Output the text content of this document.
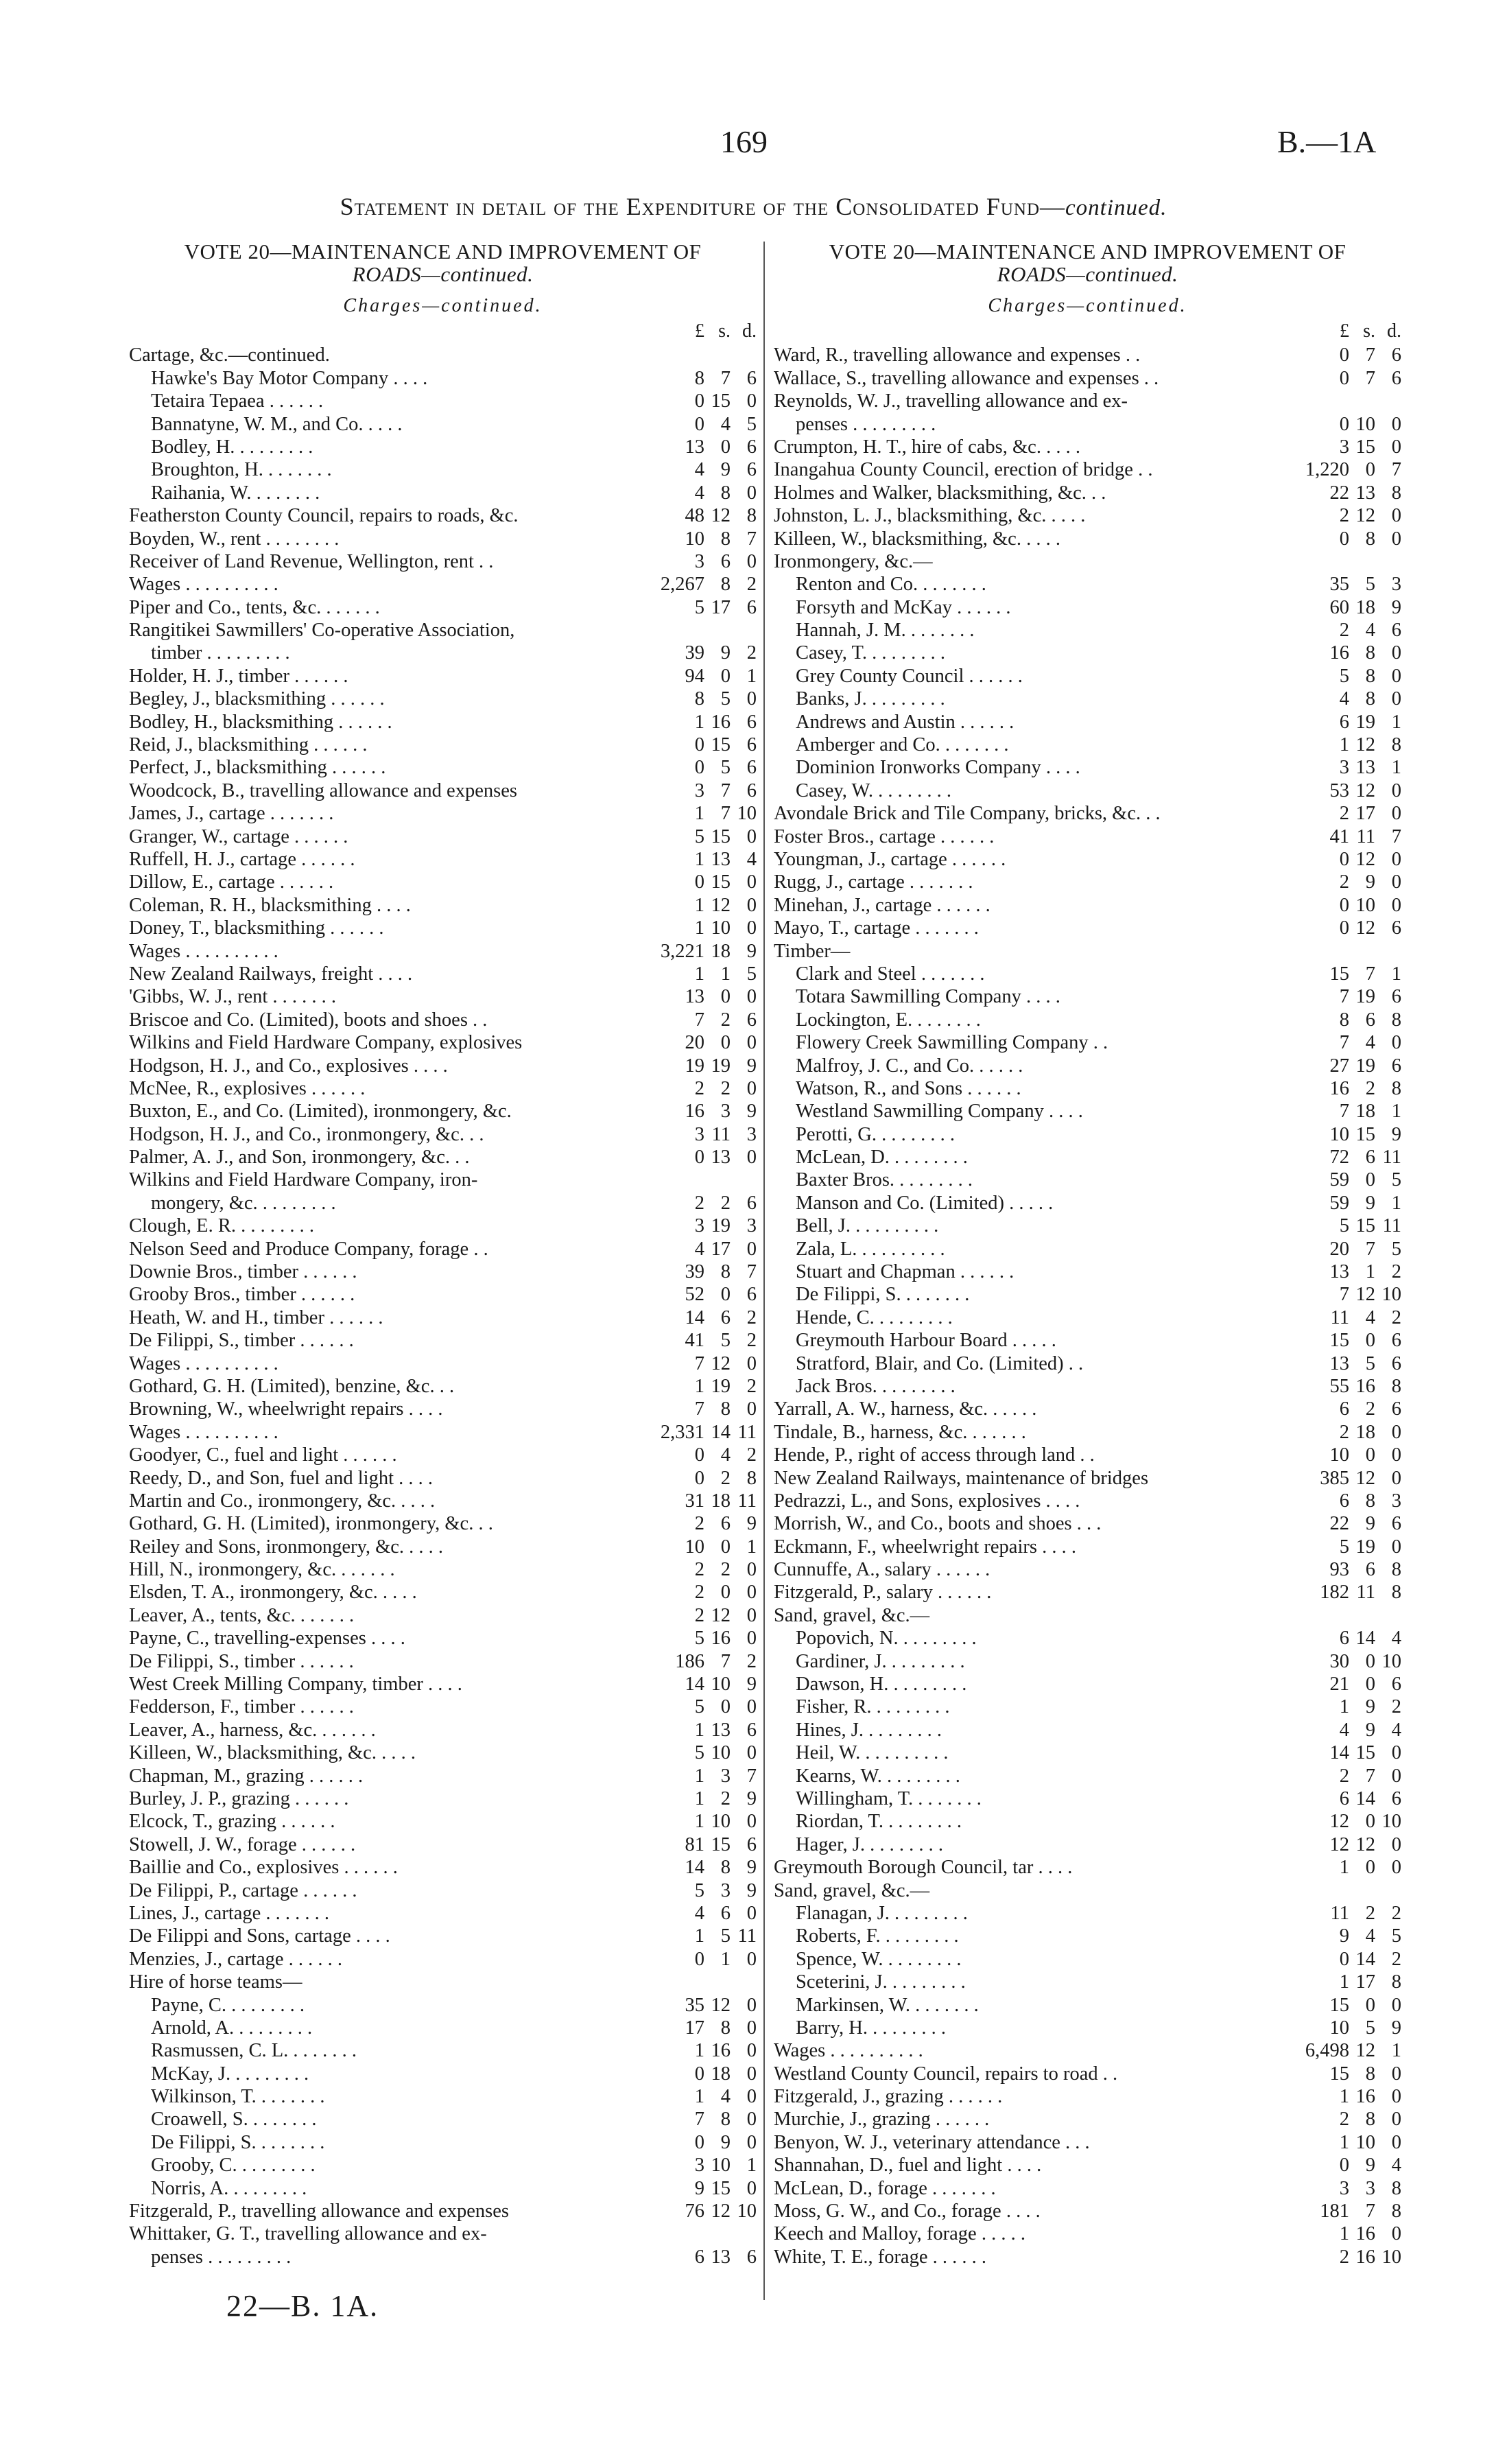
169	B.—1A
Statement in detail of the Expenditure of the Consolidated Fund—continued.
VOTE 20—MAINTENANCE AND IMPROVEMENT OF
ROADS—continued.
Charges—continued.
£ s. d.
Cartage, &c.—continued.
Hawke's Bay Motor Company . . . .	8 7 6
Tetaira Tepaea . . . . . .	0 15 0
Bannatyne, W. M., and Co. . . . .	0 4 5
Bodley, H. . . . . . . . .	13 0 6
Broughton, H. . . . . . . .	4 9 6
Raihania, W. . . . . . . .	4 8 0
Featherston County Council, repairs to roads, &c.	48 12 8
Boyden, W., rent . . . . . . . .	10 8 7
Receiver of Land Revenue, Wellington, rent . .	3 6 0
Wages . . . . . . . . . .	2,267 8 2
Piper and Co., tents, &c. . . . . . .	5 17 6
Rangitikei Sawmillers' Co-operative Association,
timber . . . . . . . . .	39 9 2
Holder, H. J., timber . . . . . .	94 0 1
Begley, J., blacksmithing . . . . . .	8 5 0
Bodley, H., blacksmithing . . . . . .	1 16 6
Reid, J., blacksmithing . . . . . .	0 15 6
Perfect, J., blacksmithing . . . . . .	0 5 6
Woodcock, B., travelling allowance and expenses	3 7 6
James, J., cartage . . . . . . .	1 7 10
Granger, W., cartage . . . . . .	5 15 0
Ruffell, H. J., cartage . . . . . .	1 13 4
Dillow, E., cartage . . . . . .	0 15 0
Coleman, R. H., blacksmithing . . . .	1 12 0
Doney, T., blacksmithing . . . . . .	1 10 0
Wages . . . . . . . . . .	3,221 18 9
New Zealand Railways, freight . . . .	1 1 5
'Gibbs, W. J., rent . . . . . . .	13 0 0
Briscoe and Co. (Limited), boots and shoes . .	7 2 6
Wilkins and Field Hardware Company, explosives	20 0 0
Hodgson, H. J., and Co., explosives . . . .	19 19 9
McNee, R., explosives . . . . . .	2 2 0
Buxton, E., and Co. (Limited), ironmongery, &c.	16 3 9
Hodgson, H. J., and Co., ironmongery, &c. . .	3 11 3
Palmer, A. J., and Son, ironmongery, &c. . .	0 13 0
Wilkins and Field Hardware Company, iron-
mongery, &c. . . . . . . . .	2 2 6
Clough, E. R. . . . . . . . .	3 19 3
Nelson Seed and Produce Company, forage . .	4 17 0
Downie Bros., timber . . . . . .	39 8 7
Grooby Bros., timber . . . . . .	52 0 6
Heath, W. and H., timber . . . . . .	14 6 2
De Filippi, S., timber . . . . . .	41 5 2
Wages . . . . . . . . . .	7 12 0
Gothard, G. H. (Limited), benzine, &c. . .	1 19 2
Browning, W., wheelwright repairs . . . .	7 8 0
Wages . . . . . . . . . .	2,331 14 11
Goodyer, C., fuel and light . . . . . .	0 4 2
Reedy, D., and Son, fuel and light . . . .	0 2 8
Martin and Co., ironmongery, &c. . . . .	31 18 11
Gothard, G. H. (Limited), ironmongery, &c. . .	2 6 9
Reiley and Sons, ironmongery, &c. . . . .	10 0 1
Hill, N., ironmongery, &c. . . . . . .	2 2 0
Elsden, T. A., ironmongery, &c. . . . .	2 0 0
Leaver, A., tents, &c. . . . . . .	2 12 0
Payne, C., travelling-expenses . . . .	5 16 0
De Filippi, S., timber . . . . . .	186 7 2
West Creek Milling Company, timber . . . .	14 10 9
Fedderson, F., timber . . . . . .	5 0 0
Leaver, A., harness, &c. . . . . . .	1 13 6
Killeen, W., blacksmithing, &c. . . . .	5 10 0
Chapman, M., grazing . . . . . .	1 3 7
Burley, J. P., grazing . . . . . .	1 2 9
Elcock, T., grazing . . . . . .	1 10 0
Stowell, J. W., forage . . . . . .	81 15 6
Baillie and Co., explosives . . . . . .	14 8 9
De Filippi, P., cartage . . . . . .	5 3 9
Lines, J., cartage . . . . . . .	4 6 0
De Filippi and Sons, cartage . . . .	1 5 11
Menzies, J., cartage . . . . . .	0 1 0
Hire of horse teams—
Payne, C. . . . . . . . .	35 12 0
Arnold, A. . . . . . . . .	17 8 0
Rasmussen, C. L. . . . . . . .	1 16 0
McKay, J. . . . . . . . .	0 18 0
Wilkinson, T. . . . . . . .	1 4 0
Croawell, S. . . . . . . .	7 8 0
De Filippi, S. . . . . . . .	0 9 0
Grooby, C. . . . . . . . .	3 10 1
Norris, A. . . . . . . . .	9 15 0
Fitzgerald, P., travelling allowance and expenses	76 12 10
Whittaker, G. T., travelling allowance and ex-
penses . . . . . . . . .	6 13 6
VOTE 20—MAINTENANCE AND IMPROVEMENT OF
ROADS—continued.
Charges—continued.
£ s. d.
Ward, R., travelling allowance and expenses . .	0 7 6
Wallace, S., travelling allowance and expenses . .	0 7 6
Reynolds, W. J., travelling allowance and ex-
penses . . . . . . . . .	0 10 0
Crumpton, H. T., hire of cabs, &c. . . . .	3 15 0
Inangahua County Council, erection of bridge . .	1,220 0 7
Holmes and Walker, blacksmithing, &c. . .	22 13 8
Johnston, L. J., blacksmithing, &c. . . . .	2 12 0
Killeen, W., blacksmithing, &c. . . . .	0 8 0
Ironmongery, &c.—
Renton and Co. . . . . . . .	35 5 3
Forsyth and McKay . . . . . .	60 18 9
Hannah, J. M. . . . . . . .	2 4 6
Casey, T. . . . . . . . .	16 8 0
Grey County Council . . . . . .	5 8 0
Banks, J. . . . . . . . .	4 8 0
Andrews and Austin . . . . . .	6 19 1
Amberger and Co. . . . . . . .	1 12 8
Dominion Ironworks Company . . . .	3 13 1
Casey, W. . . . . . . . .	53 12 0
Avondale Brick and Tile Company, bricks, &c. . .	2 17 0
Foster Bros., cartage . . . . . .	41 11 7
Youngman, J., cartage . . . . . .	0 12 0
Rugg, J., cartage . . . . . . .	2 9 0
Minehan, J., cartage . . . . . .	0 10 0
Mayo, T., cartage . . . . . . .	0 12 6
Timber—
Clark and Steel . . . . . . .	15 7 1
Totara Sawmilling Company . . . .	7 19 6
Lockington, E. . . . . . . .	8 6 8
Flowery Creek Sawmilling Company . .	7 4 0
Malfroy, J. C., and Co. . . . . .	27 19 6
Watson, R., and Sons . . . . . .	16 2 8
Westland Sawmilling Company . . . .	7 18 1
Perotti, G. . . . . . . . .	10 15 9
McLean, D. . . . . . . . .	72 6 11
Baxter Bros. . . . . . . . .	59 0 5
Manson and Co. (Limited) . . . . .	59 9 1
Bell, J. . . . . . . . . .	5 15 11
Zala, L. . . . . . . . . .	20 7 5
Stuart and Chapman . . . . . .	13 1 2
De Filippi, S. . . . . . . .	7 12 10
Hende, C. . . . . . . . .	11 4 2
Greymouth Harbour Board . . . . .	15 0 6
Stratford, Blair, and Co. (Limited) . .	13 5 6
Jack Bros. . . . . . . . .	55 16 8
Yarrall, A. W., harness, &c. . . . . .	6 2 6
Tindale, B., harness, &c. . . . . . .	2 18 0
Hende, P., right of access through land . .	10 0 0
New Zealand Railways, maintenance of bridges	385 12 0
Pedrazzi, L., and Sons, explosives . . . .	6 8 3
Morrish, W., and Co., boots and shoes . . .	22 9 6
Eckmann, F., wheelwright repairs . . . .	5 19 0
Cunnuffe, A., salary . . . . . .	93 6 8
Fitzgerald, P., salary . . . . . .	182 11 8
Sand, gravel, &c.—
Popovich, N. . . . . . . . .	6 14 4
Gardiner, J. . . . . . . . .	30 0 10
Dawson, H. . . . . . . . .	21 0 6
Fisher, R. . . . . . . . .	1 9 2
Hines, J. . . . . . . . .	4 9 4
Heil, W. . . . . . . . . .	14 15 0
Kearns, W. . . . . . . . .	2 7 0
Willingham, T. . . . . . . .	6 14 6
Riordan, T. . . . . . . . .	12 0 10
Hager, J. . . . . . . . .	12 12 0
Greymouth Borough Council, tar . . . .	1 0 0
Sand, gravel, &c.—
Flanagan, J. . . . . . . . .	11 2 2
Roberts, F. . . . . . . . .	9 4 5
Spence, W. . . . . . . . .	0 14 2
Sceterini, J. . . . . . . . .	1 17 8
Markinsen, W. . . . . . . .	15 0 0
Barry, H. . . . . . . . .	10 5 9
Wages . . . . . . . . . .	6,498 12 1
Westland County Council, repairs to road . .	15 8 0
Fitzgerald, J., grazing . . . . . .	1 16 0
Murchie, J., grazing . . . . . .	2 8 0
Benyon, W. J., veterinary attendance . . .	1 10 0
Shannahan, D., fuel and light . . . .	0 9 4
McLean, D., forage . . . . . . .	3 3 8
Moss, G. W., and Co., forage . . . .	181 7 8
Keech and Malloy, forage . . . . .	1 16 0
White, T. E., forage . . . . . .	2 16 10
22—B. 1A.
